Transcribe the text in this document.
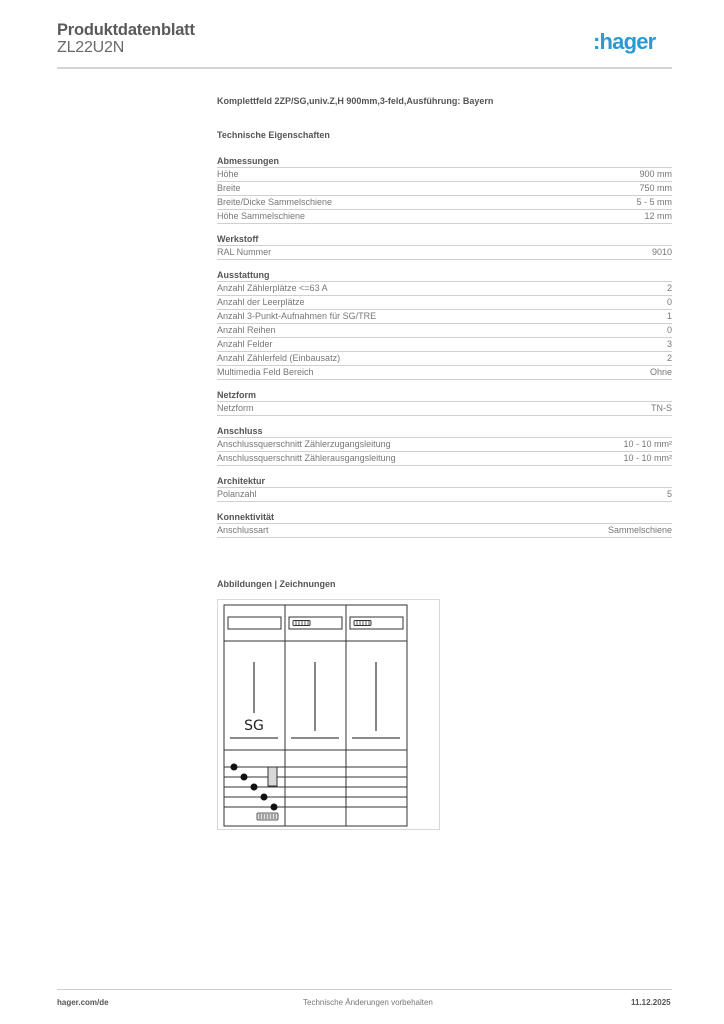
Produktdatenblatt
ZL22U2N	:hager
Komplettfeld 2ZP/SG,univ.Z,H 900mm,3-feld,Ausführung: Bayern
Technische Eigenschaften
Abmessungen
Höhe	900 mm
Breite	750 mm
Breite/Dicke Sammelschiene	5 - 5 mm
Höhe Sammelschiene	12 mm
Werkstoff
RAL Nummer	9010
Ausstattung
Anzahl Zählerplätze <=63 A	2
Anzahl der Leerplätze	0
Anzahl 3-Punkt-Aufnahmen für SG/TRE	1
Anzahl Reihen	0
Anzahl Felder	3
Anzahl Zählerfeld (Einbausatz)	2
Multimedia Feld Bereich	Ohne
Netzform
Netzform	TN-S
Anschluss
Anschlussquerschnitt Zählerzugangsleitung	10 - 10 mm²
Anschlussquerschnitt Zählerausgangsleitung	10 - 10 mm²
Architektur
Polanzahl	5
Konnektivität
Anschlussart	Sammelschiene
Abbildungen | Zeichnungen
SG
hager.com/de	Technische Änderungen vorbehalten	11.12.2025
